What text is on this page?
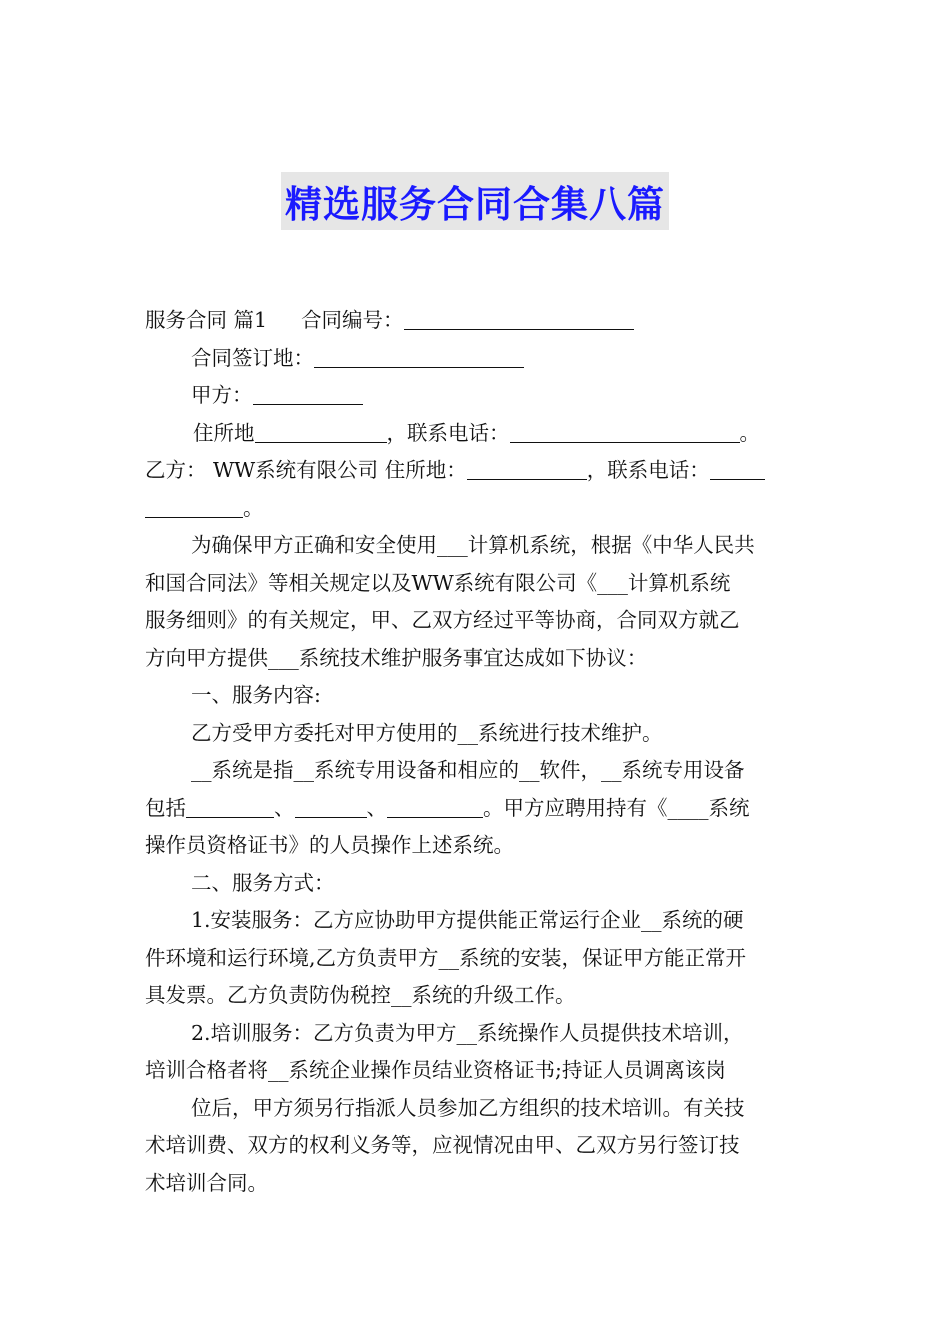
精选服务合同合集八篇
服务合同 篇1 合同编号：
合同签订地：
甲方：
住所地	，联系电话：	。
乙方： WW系统有限公司 住所地：	，联系电话：
。
为确保甲方正确和安全使用___计算机系统，根据《中华人民共
和国合同法》等相关规定以及WW系统有限公司《___计算机系统
服务细则》的有关规定，甲、乙双方经过平等协商，合同双方就乙
方向甲方提供___系统技术维护服务事宜达成如下协议：
一、服务内容:
乙方受甲方委托对甲方使用的__系统进行技术维护。
__系统是指__系统专用设备和相应的__软件，__系统专用设备
包括	、	、	。甲方应聘用持有《____系统
操作员资格证书》的人员操作上述系统。
二、服务方式：
1.安装服务：乙方应协助甲方提供能正常运行企业__系统的硬
件环境和运行环境,乙方负责甲方__系统的安装，保证甲方能正常开
具发票。乙方负责防伪税控__系统的升级工作。
2.培训服务：乙方负责为甲方__系统操作人员提供技术培训，
培训合格者将__系统企业操作员结业资格证书;持证人员调离该岗
位后，甲方须另行指派人员参加乙方组织的技术培训。有关技
术培训费、双方的权利义务等，应视情况由甲、乙双方另行签订技
术培训合同。
